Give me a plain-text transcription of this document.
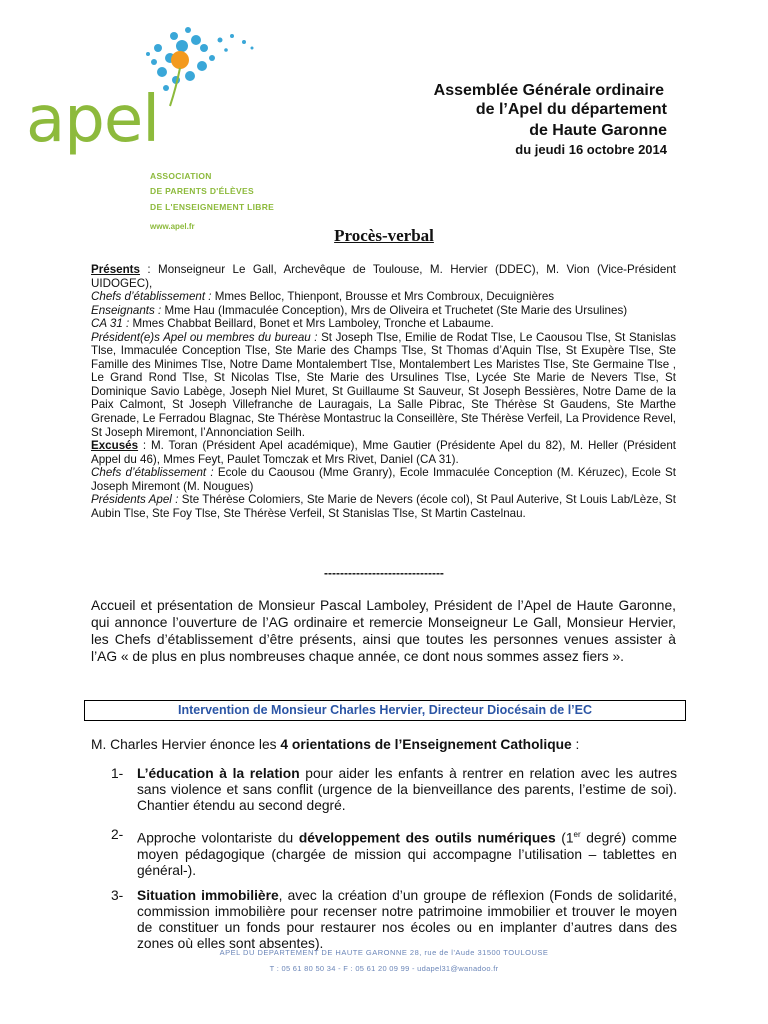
apel
ASSOCIATION
DE PARENTS D'ÉLÈVES
DE L'ENSEIGNEMENT LIBRE
www.apel.fr
Assemblée Générale ordinaire
de l’Apel du département
de Haute Garonne
du jeudi 16 octobre 2014
Procès-verbal

Présents : Monseigneur Le Gall, Archevêque de Toulouse, M. Hervier (DDEC), M. Vion (Vice-Président UIDOGEC),

Chefs d’établissement : Mmes Belloc, Thienpont, Brousse et Mrs Combroux, Decuignières

Enseignants : Mme Hau (Immaculée Conception), Mrs de Oliveira et Truchetet (Ste Marie des Ursulines)

CA 31 : Mmes Chabbat Beillard, Bonet et Mrs Lamboley, Tronche et Labaume.

Président(e)s Apel ou membres du bureau : St Joseph Tlse, Emilie de Rodat Tlse, Le Caousou Tlse, St Stanislas Tlse, Immaculée Conception Tlse, Ste Marie des Champs Tlse, St Thomas d’Aquin Tlse, St Exupère Tlse, Ste Famille des Minimes Tlse, Notre Dame Montalembert Tlse, Montalembert Les Maristes Tlse, Ste Germaine Tlse , Le Grand Rond Tlse, St Nicolas Tlse, Ste Marie des Ursulines Tlse, Lycée Ste Marie de Nevers Tlse, St Dominique Savio Labège, Joseph Niel Muret, St Guillaume St Sauveur, St Joseph Bessières, Notre Dame de la Paix Calmont, St Joseph Villefranche de Lauragais, La Salle Pibrac, Ste Thérèse St Gaudens, Ste Marthe Grenade, Le Ferradou Blagnac, Ste Thérèse Montastruc la Conseillère, Ste Thérèse Verfeil, La Providence Revel, St Joseph Miremont, l’Annonciation Seilh.

Excusés : M. Toran (Président Apel académique), Mme Gautier (Présidente Apel du 82), M. Heller (Président Appel du 46), Mmes Feyt, Paulet Tomczak et Mrs Rivet, Daniel (CA 31).

Chefs d’établissement : Ecole du Caousou (Mme Granry), Ecole Immaculée Conception (M. Kéruzec), Ecole St Joseph Miremont (M. Nougues)

Présidents Apel : Ste Thérèse Colomiers, Ste Marie de Nevers (école col), St Paul Auterive, St Louis Lab/Lèze, St Aubin Tlse, Ste Foy Tlse, Ste Thérèse Verfeil, St Stanislas Tlse, St Martin Castelnau.

------------------------------

Accueil et présentation de Monsieur Pascal Lamboley, Président de l’Apel de Haute Garonne, qui annonce l’ouverture de l’AG ordinaire et remercie Monseigneur Le Gall, Monsieur Hervier, les Chefs d’établissement d’être présents, ainsi que toutes les personnes venues assister à l’AG « de plus en plus nombreuses chaque année, ce dont nous sommes assez fiers ».

Intervention de Monsieur Charles Hervier, Directeur Diocésain de l’EC
M. Charles Hervier énonce les 4 orientations de l’Enseignement Catholique :
1- L’éducation à la relation pour aider les enfants à rentrer en relation avec les autres sans violence et sans conflit (urgence de la bienveillance des parents, l’estime de soi). Chantier étendu au second degré.
2- Approche volontariste du développement des outils numériques (1er degré) comme moyen pédagogique (chargée de mission qui accompagne l’utilisation – tablettes en général-).
3- Situation immobilière, avec la création d’un groupe de réflexion (Fonds de solidarité, commission immobilière pour recenser notre patrimoine immobilier et trouver le moyen de constituer un fonds pour restaurer nos écoles ou en implanter d’autres dans des zones où elles sont absentes).
APEL DU DEPARTEMENT DE HAUTE GARONNE 28, rue de l'Aude 31500 TOULOUSE
T : 05 61 80 50 34 - F : 05 61 20 09 99 - udapel31@wanadoo.fr
